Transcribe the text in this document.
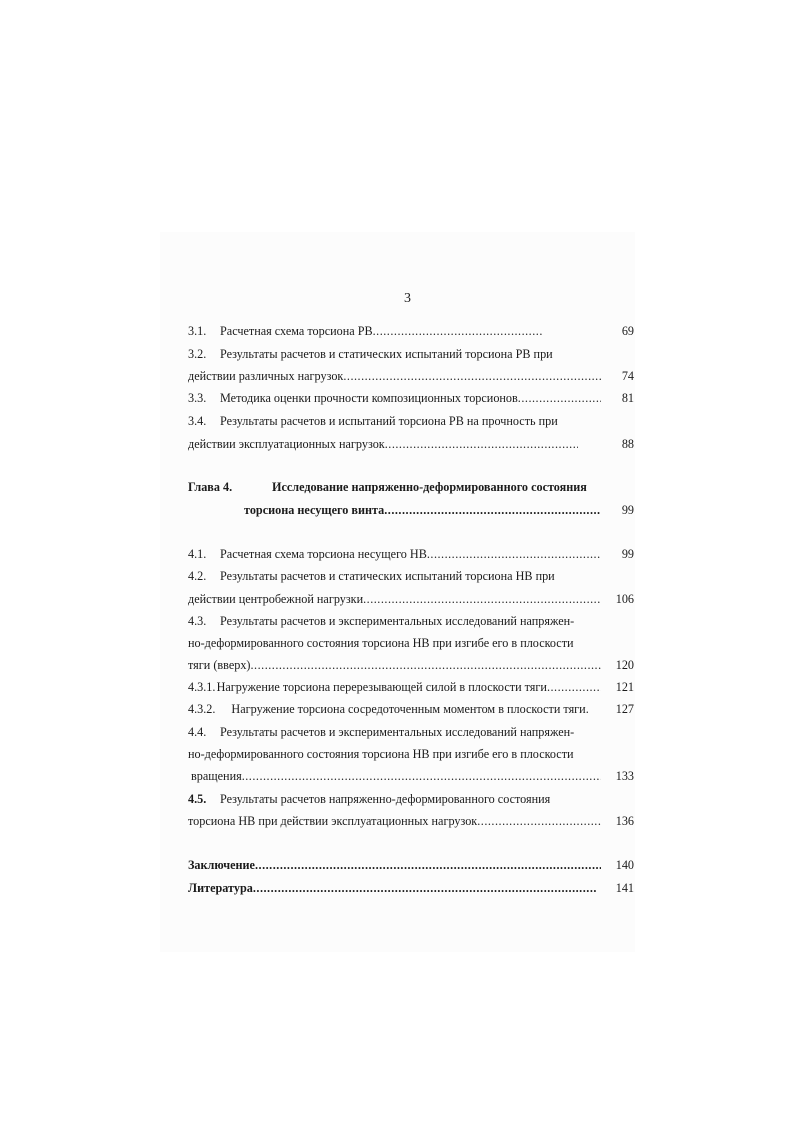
3
3.1. Расчетная схема торсиона РВ .....	69
3.2. Результаты расчетов и статических испытаний торсиона РВ при
действии различных нагрузок .....	74
3.3. Методика оценки прочности композиционных торсионов .....	81
3.4. Результаты расчетов и испытаний торсиона РВ на прочность при
действии эксплуатационных нагрузок .....	88
Глава 4.	Исследование напряженно-деформированного состояния
торсиона несущего винта .....	99
4.1. Расчетная схема торсиона несущего НВ .....	99
4.2. Результаты расчетов и статических испытаний торсиона НВ при
действии центробежной нагрузки .....	106
4.3. Результаты расчетов и экспериментальных исследований напряжен-
но-деформированного состояния торсиона НВ при изгибе его в плоскости
тяги (вверх) .....	120
4.3.1. Нагружение торсиона перерезывающей силой в плоскости тяги .....	121
4.3.2. Нагружение торсиона сосредоточенным моментом в плоскости тяги.	127
4.4. Результаты расчетов и экспериментальных исследований напряжен-
но-деформированного состояния торсиона НВ при изгибе его в плоскости
вращения .....	133
4.5. Результаты расчетов напряженно-деформированного состояния
торсиона НВ при действии эксплуатационных нагрузок .....	136
Заключение .....	140
Литература .....	141
